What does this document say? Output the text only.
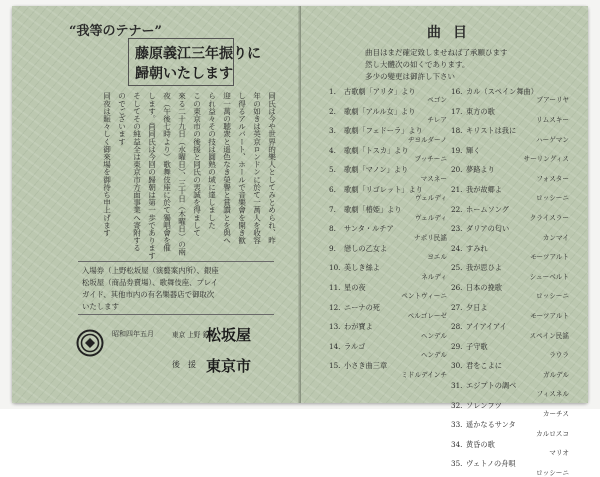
“我等のテナー”
藤原義江三年振りに
歸朝いたします
同氏は今や世界的樂人としてみとめられ、昨
年の如きは英京ロンドンに於て一萬人を收容
し得るアルバート、ホールで音樂會を開き歓
迎一萬の聴衆と遥色なき榮譽と賞讃とを與へ
られ益々その技は圓熟の域に達しました
この東京市の後援と同氏の衷誠を得まして
來る二十九日（水曜日）、三十日（木曜日）の兩
夜（午後七時より）歌舞伎座に於て獨唱會を催
します。尚同氏は今回の歸朝は第一歩であります
そしてその純益全は東京市方面事業へ寄附する
のでございます
同夜は賑々しく御來場を御待ち申上げます
入場券（上野松坂屋（演藝案内所）、銀座
松坂屋（商品券賣場）、歌舞伎座、プレイ
ガイド、其他市内の有名樂器店で御取次
いたします
昭和四年五月	東京 上野 銀座
松坂屋
後　援 東京市
曲目
曲目はまだ確定致しませねば了承願ひます
然し大體次の如くであります。
多少の變更は御許し下さい
1.	古歌劇「アリタ」より
ペゴン
2.	歌劇「アルル女」より
チレア
3.	歌劇「フェドーラ」より
ヂヨルダーノ
4.	歌劇「トスカ」より
プッチーニ
5.	歌劇「マノン」より
マスネー
6.	歌劇「リゴレット」より
ヴェルディ
7.	歌劇「椿姫」より
ヴェルディ
8.	サンタ・ルチア
ナポリ民謠
9.	戀しの乙女よ
ヨエル
10. 美しき絲よ
ネルディ
11. 星の夜
ペントヴィーニ
12. ニーナの死
ペルゴレーゼ
13. わが寶よ
ヘンデル
14. ラルゴ
ヘンデル
15. 小さき曲三章
ミドルデインチ
16. カル（スペイン舞曲）
ブアーリヤ
17. 東方の歌
リムスキー
18. キリストは我に
ハーゲマン
19. 輝く
サーリングィス
20. 夢路より
フォスター
21. 我が故郷よ
ロッシーニ
22. ホームソング
クライスラー
23. ダリアの匂い
カンマイ
24. すみれ
モーツアルト
25. 我が思ひよ
シューベルト
26. 日本の挽歌
ロッシーニ
27. 夕日よ
モーツアルト
28. アイアイアイ
スペイン民謠
29. 子守歌
ラウラ
30. 君をこよに
ガルデル
31. エジプトの調べ
フィスネル
32. ソレンフツ
カーチス
33. 遥かなるサンタ
カルロスコ
34. 黄昏の歌
マリオ
35. ヴェトノの舟唄
ロッシーニ
